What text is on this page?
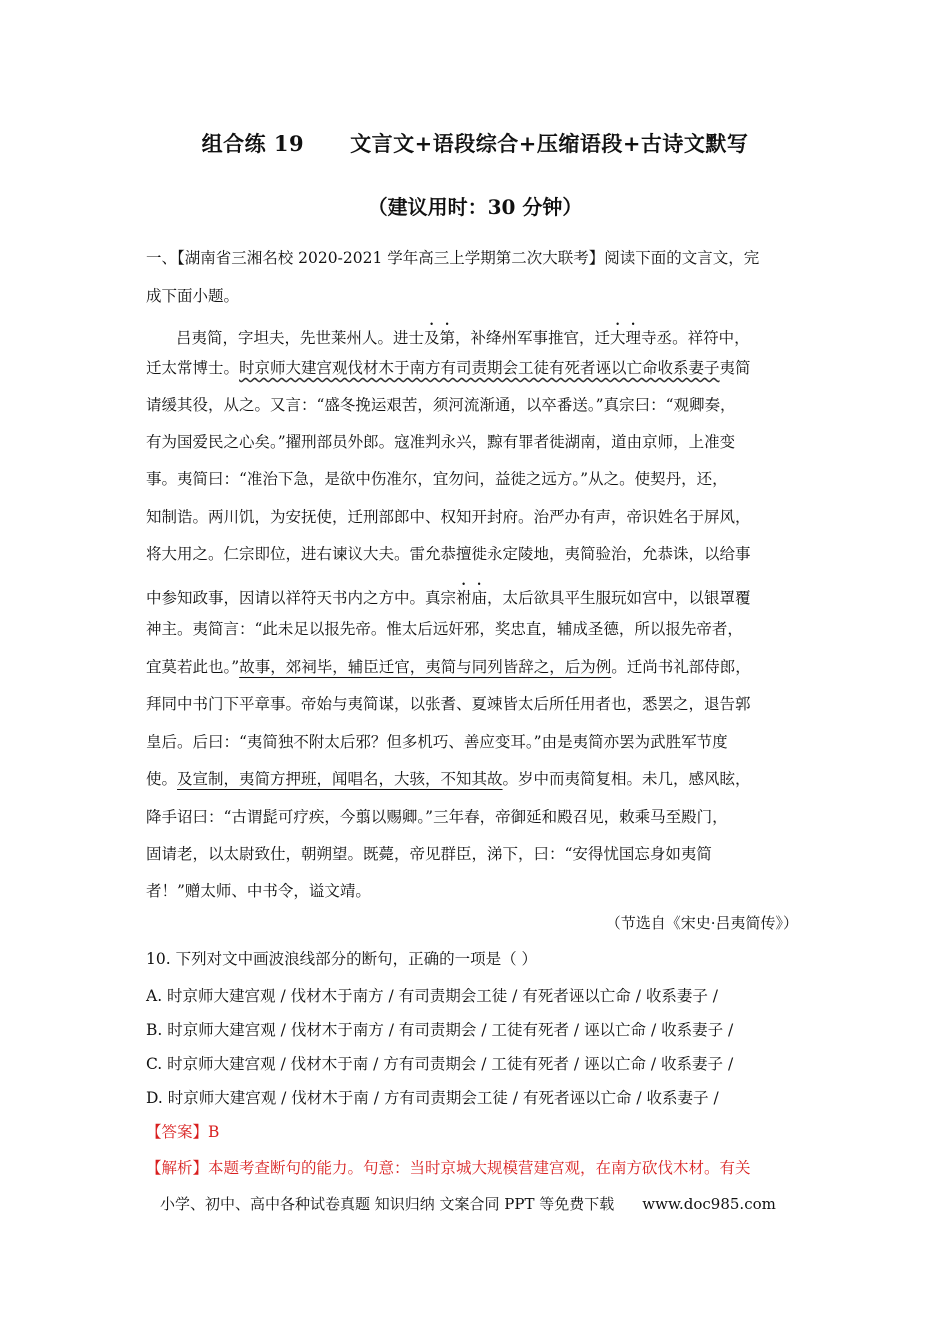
组合练 19 文言文+语段综合+压缩语段+古诗文默写
（建议用时：30 分钟）
一、【湖南省三湘名校 2020-2021 学年高三上学期第二次大联考】阅读下面的文言文，完
成下面小题。
吕夷简，字坦夫，先世莱州人。进士及第，补绛州军事推官，迁大理寺丞。祥符中，
迁太常博士。时京师大建宫观伐材木于南方有司责期会工徒有死者诬以亡命收系妻子夷简
请缓其役，从之。又言：“盛冬挽运艰苦，须河流渐通，以卒番送。”真宗曰：“观卿奏，
有为国爱民之心矣。”擢刑部员外郎。寇准判永兴，黥有罪者徙湖南，道由京师，上准变
事。夷简曰：“准治下急，是欲中伤准尔，宜勿问，益徙之远方。”从之。使契丹，还，
知制诰。两川饥，为安抚使，迁刑部郎中、权知开封府。治严办有声，帝识姓名于屏风，
将大用之。仁宗即位，进右谏议大夫。雷允恭擅徙永定陵地，夷简验治，允恭诛，以给事
中参知政事，因请以祥符天书内之方中。真宗祔庙，太后欲具平生服玩如宫中，以银罩覆
神主。夷简言：“此未足以报先帝。惟太后远奸邪，奖忠直，辅成圣德，所以报先帝者，
宜莫若此也。”故事，郊祠毕，辅臣迁官，夷简与同列皆辞之，后为例。迁尚书礼部侍郎，
拜同中书门下平章事。帝始与夷简谋，以张耆、夏竦皆太后所任用者也，悉罢之，退告郭
皇后。后曰：“夷简独不附太后邪？但多机巧、善应变耳。”由是夷简亦罢为武胜军节度
使。及宣制，夷简方押班，闻唱名，大骇，不知其故。岁中而夷简复相。未几，感风眩，
降手诏曰：“古谓髭可疗疾，今翦以赐卿。”三年春，帝御延和殿召见，敕乘马至殿门，
固请老，以太尉致仕，朝朔望。既薨，帝见群臣，涕下，曰：“安得忧国忘身如夷简
者！”赠太师、中书令，谥文靖。
（节选自《宋史·吕夷简传》）
10. 下列对文中画波浪线部分的断句，正确的一项是（ ）
A. 时京师大建宫观 / 伐材木于南方 / 有司责期会工徒 / 有死者诬以亡命 / 收系妻子 /
B. 时京师大建宫观 / 伐材木于南方 / 有司责期会 / 工徒有死者 / 诬以亡命 / 收系妻子 /
C. 时京师大建宫观 / 伐材木于南 / 方有司责期会 / 工徒有死者 / 诬以亡命 / 收系妻子 /
D. 时京师大建宫观 / 伐材木于南 / 方有司责期会工徒 / 有死者诬以亡命 / 收系妻子 /
【答案】B
【解析】本题考查断句的能力。句意：当时京城大规模营建宫观，在南方砍伐木材。有关
小学、初中、高中各种试卷真题 知识归纳 文案合同 PPT 等免费下载 www.doc985.com
